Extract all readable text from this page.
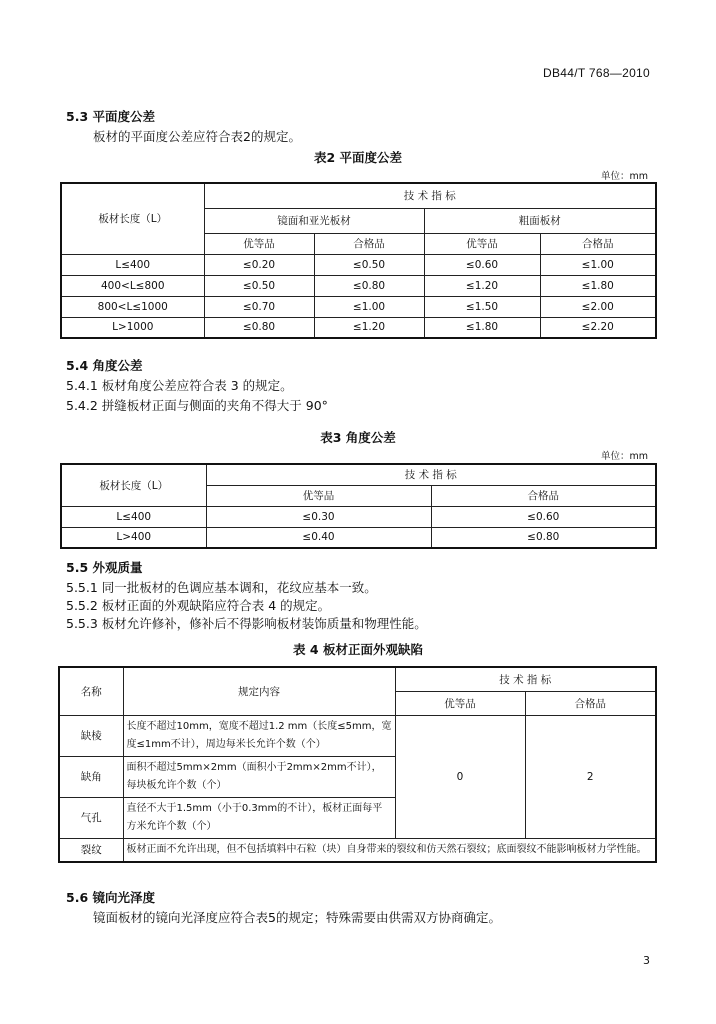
DB44/T 768—2010
5.3 平面度公差
板材的平面度公差应符合表2的规定。
表2 平面度公差
单位：mm
板材长度（L）	技 术 指 标			
	镜面和亚光板材		粗面板材	
	优等品	合格品	优等品	合格品
L≤400	≤0.20	≤0.50	≤0.60	≤1.00
400<L≤800	≤0.50	≤0.80	≤1.20	≤1.80
800<L≤1000	≤0.70	≤1.00	≤1.50	≤2.00
L>1000	≤0.80	≤1.20	≤1.80	≤2.20
5.4 角度公差
5.4.1 板材角度公差应符合表 3 的规定。
5.4.2 拼缝板材正面与侧面的夹角不得大于 90°
表3 角度公差
单位：mm
板材长度（L）	技 术 指 标	
	优等品	合格品
L≤400	≤0.30	≤0.60
L>400	≤0.40	≤0.80
5.5 外观质量
5.5.1 同一批板材的色调应基本调和，花纹应基本一致。
5.5.2 板材正面的外观缺陷应符合表 4 的规定。
5.5.3 板材允许修补，修补后不得影响板材装饰质量和物理性能。
表 4 板材正面外观缺陷
名称	规定内容	技 术 指 标	
		优等品	合格品
缺棱	长度不超过10mm，宽度不超过1.2 mm（长度≤5mm，宽度≤1mm不计），周边每米长允许个数（个）	0	2
缺角	面积不超过5mm×2mm（面积小于2mm×2mm不计），每块板允许个数（个）		
气孔	直径不大于1.5mm（小于0.3mm的不计），板材正面每平方米允许个数（个）		
裂纹	板材正面不允许出现，但不包括填料中石粒（块）自身带来的裂纹和仿天然石裂纹；底面裂纹不能影响板材力学性能。		
5.6 镜向光泽度
镜面板材的镜向光泽度应符合表5的规定；特殊需要由供需双方协商确定。
3
